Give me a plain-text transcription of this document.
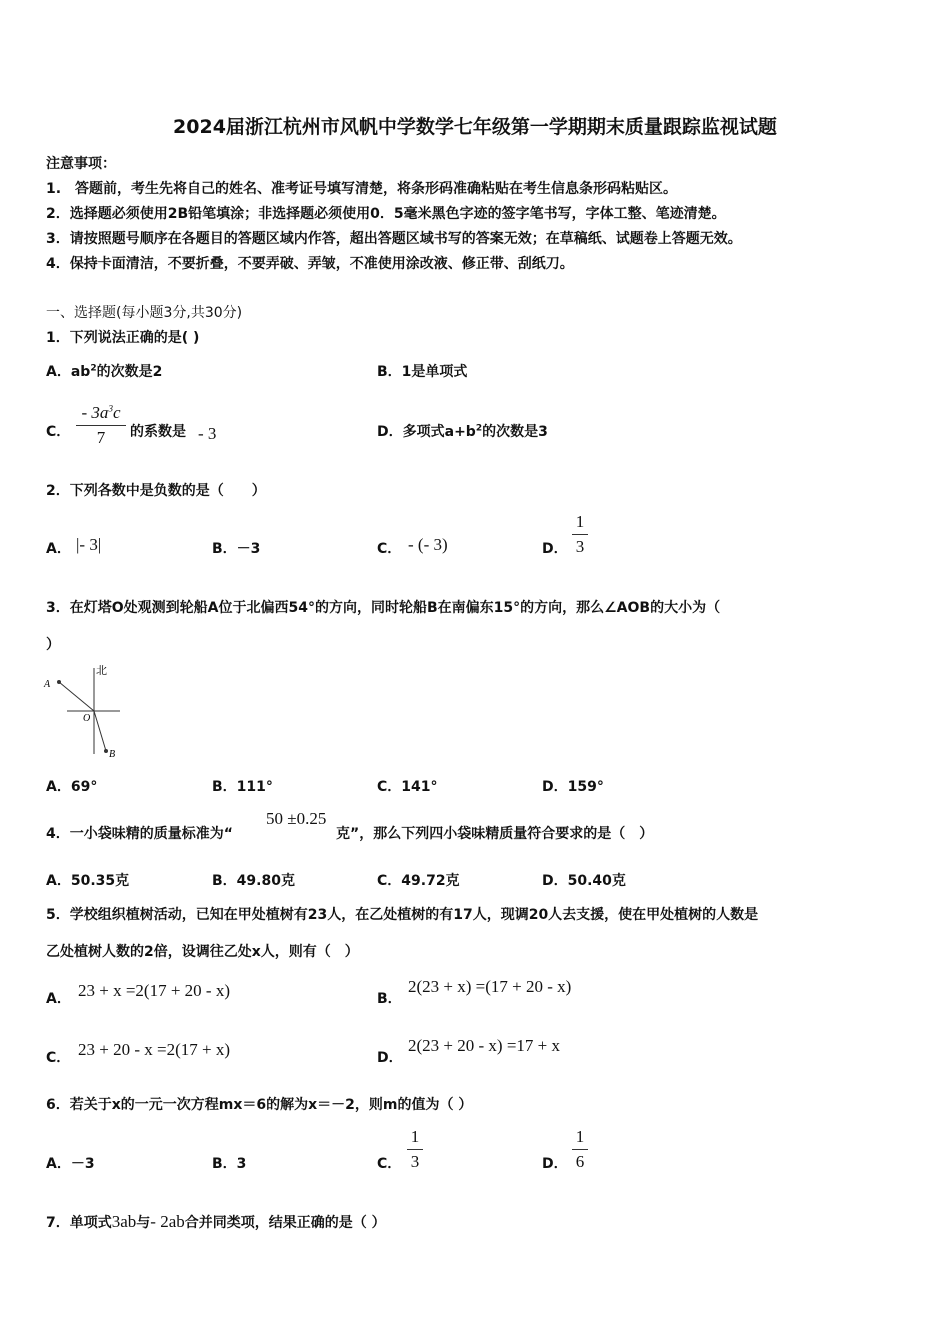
2024届浙江杭州市风帆中学数学七年级第一学期期末质量跟踪监视试题
注意事项：
1.　答题前，考生先将自己的姓名、准考证号填写清楚，将条形码准确粘贴在考生信息条形码粘贴区。
2．选择题必须使用2B铅笔填涂；非选择题必须使用0．5毫米黑色字迹的签字笔书写，字体工整、笔迹清楚。
3．请按照题号顺序在各题目的答题区域内作答，超出答题区域书写的答案无效；在草稿纸、试题卷上答题无效。
4．保持卡面清洁，不要折叠，不要弄破、弄皱，不准使用涂改液、修正带、刮纸刀。
一、选择题(每小题3分,共30分)
1．下列说法正确的是( )
A．$ab^2$的次数是2	B．1是单项式
C．
- $3a^3c$
7	的系数是 - 3	D．多项式$a+b^2$的次数是3
2．下列各数中是负数的是（　　）
A． |- 3|	B．－3	C． - (- 3)	D．
1
3
3．在灯塔O处观测到轮船A位于北偏西54°的方向，同时轮船B在南偏东15°的方向，那么∠AOB的大小为（
）
北
A
O
B
A．69°	B．111°	C．141°	D．159°
4．一小袋味精的质量标准为“
50 ±0.25
克”，那么下列四小袋味精质量符合要求的是（　）
A．50.35克	B．49.80克	C．49.72克	D．50.40克
5．学校组织植树活动，已知在甲处植树有23人，在乙处植树的有17人，现调20人去支援，使在甲处植树的人数是
乙处植树人数的2倍，设调往乙处x人，则有（　）
A． 23 + x =2(17 + 20 - x)	B．
2(23 + x) =(17 + 20 - x)
C． 23 + 20 - x =2(17 + x)	D．
2(23 + 20 - x) =17 + x
6．若关于x的一元一次方程mx＝6的解为x＝－2，则m的值为（ ）
A．－3	B．3	C．
1
3	D．
1
6
7．单项式3ab与- 2ab合并同类项，结果正确的是（ ）
